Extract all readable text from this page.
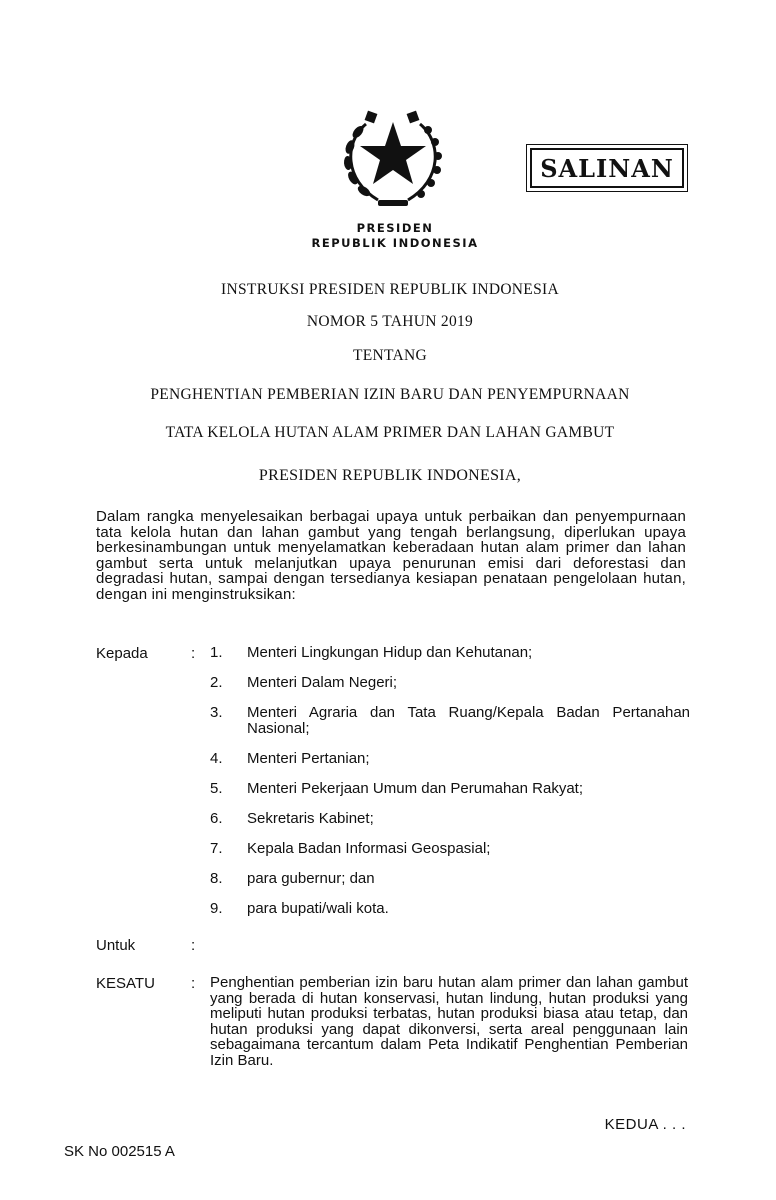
SALINAN
PRESIDEN
REPUBLIK INDONESIA
INSTRUKSI PRESIDEN REPUBLIK INDONESIA
NOMOR 5 TAHUN 2019
TENTANG
PENGHENTIAN PEMBERIAN IZIN BARU DAN PENYEMPURNAAN
TATA KELOLA HUTAN ALAM PRIMER DAN LAHAN GAMBUT
PRESIDEN REPUBLIK INDONESIA,
Dalam rangka menyelesaikan berbagai upaya untuk perbaikan dan penyempurnaan tata kelola hutan dan lahan gambut yang tengah berlangsung, diperlukan upaya berkesinambungan untuk menyelamatkan keberadaan hutan alam primer dan lahan gambut serta untuk melanjutkan upaya penurunan emisi dari deforestasi dan degradasi hutan, sampai dengan tersedianya kesiapan penataan pengelolaan hutan, dengan ini menginstruksikan:
Kepada	: 1. Menteri Lingkungan Hidup dan Kehutanan;
2. Menteri Dalam Negeri;
3. Menteri Agraria dan Tata Ruang/Kepala Badan Pertanahan Nasional;
4. Menteri Pertanian;
5. Menteri Pekerjaan Umum dan Perumahan Rakyat;
6. Sekretaris Kabinet;
7. Kepala Badan Informasi Geospasial;
8. para gubernur; dan
9. para bupati/wali kota.
Untuk	:
KESATU : Penghentian pemberian izin baru hutan alam primer dan lahan gambut yang berada di hutan konservasi, hutan lindung, hutan produksi yang meliputi hutan produksi terbatas, hutan produksi biasa atau tetap, dan hutan produksi yang dapat dikonversi, serta areal penggunaan lain sebagaimana tercantum dalam Peta Indikatif Penghentian Pemberian Izin Baru.
KEDUA . . .
SK No 002515 A
